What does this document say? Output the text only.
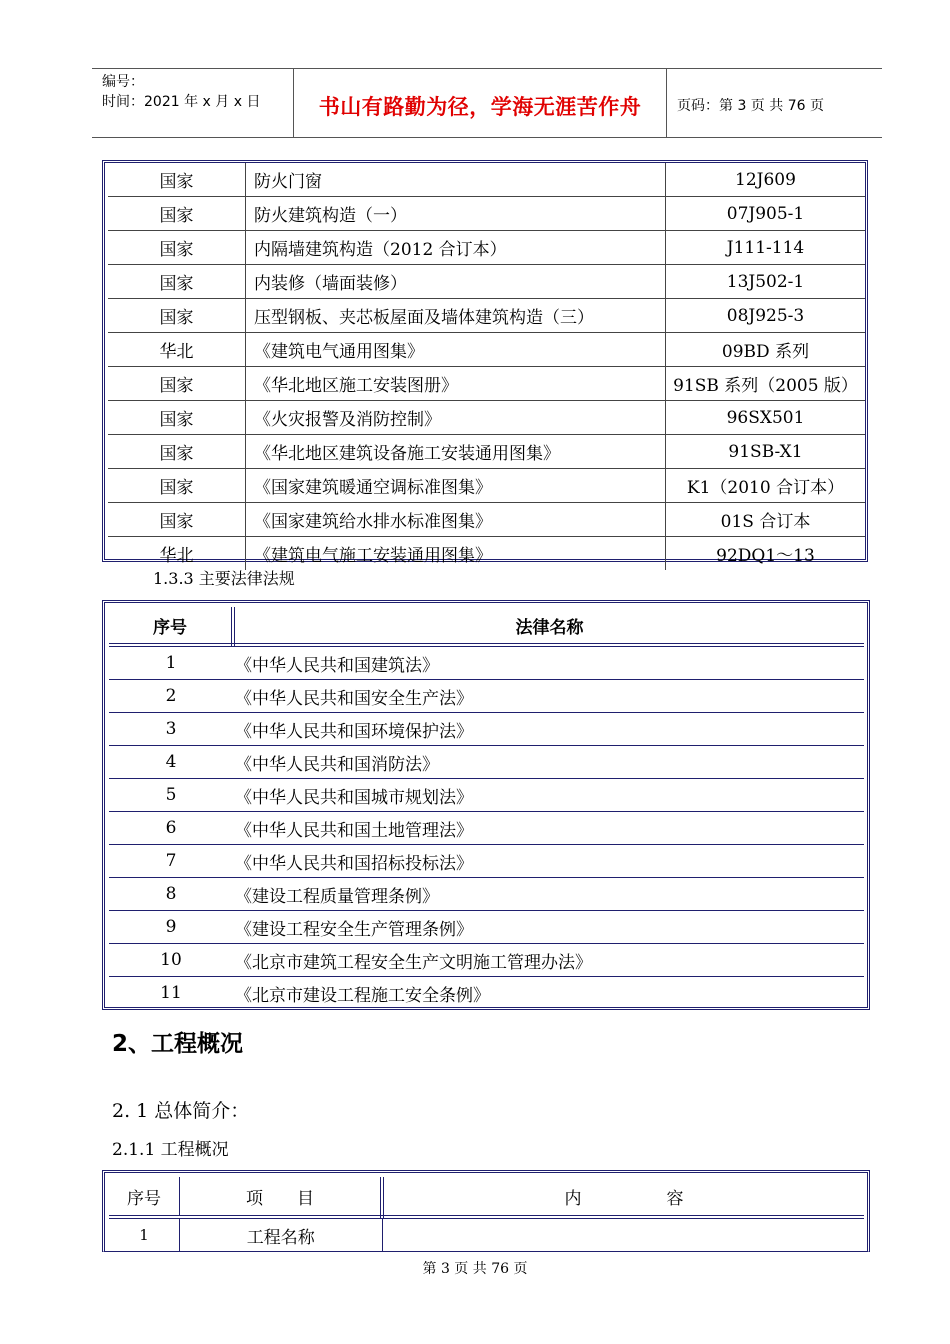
编号：
时间：2021 年 x 月 x 日	书山有路勤为径，学海无涯苦作舟	页码：第 3 页 共 76 页
国家	防火门窗	12J609
国家	防火建筑构造（一）	07J905-1
国家	内隔墙建筑构造（2012 合订本）	J111-114
国家	内装修（墙面装修）	13J502-1
国家	压型钢板、夹芯板屋面及墙体建筑构造（三）	08J925-3
华北	《建筑电气通用图集》	09BD 系列
国家	《华北地区施工安装图册》	91SB 系列（2005 版）
国家	《火灾报警及消防控制》	96SX501
国家	《华北地区建筑设备施工安装通用图集》	91SB-X1
国家	《国家建筑暖通空调标准图集》	K1（2010 合订本）
国家	《国家建筑给水排水标准图集》	01S 合订本
华北	《建筑电气施工安装通用图集》	92DQ1～13
1.3.3 主要法律法规
序号	法律名称
1	《中华人民共和国建筑法》
2	《中华人民共和国安全生产法》
3	《中华人民共和国环境保护法》
4	《中华人民共和国消防法》
5	《中华人民共和国城市规划法》
6	《中华人民共和国土地管理法》
7	《中华人民共和国招标投标法》
8	《建设工程质量管理条例》
9	《建设工程安全生产管理条例》
10	《北京市建筑工程安全生产文明施工管理办法》
11	《北京市建设工程施工安全条例》
2、工程概况
2. 1 总体简介：
2.1.1 工程概况
序号	项　　目	内　　　　　容
1	工程名称	
第 3 页 共 76 页
